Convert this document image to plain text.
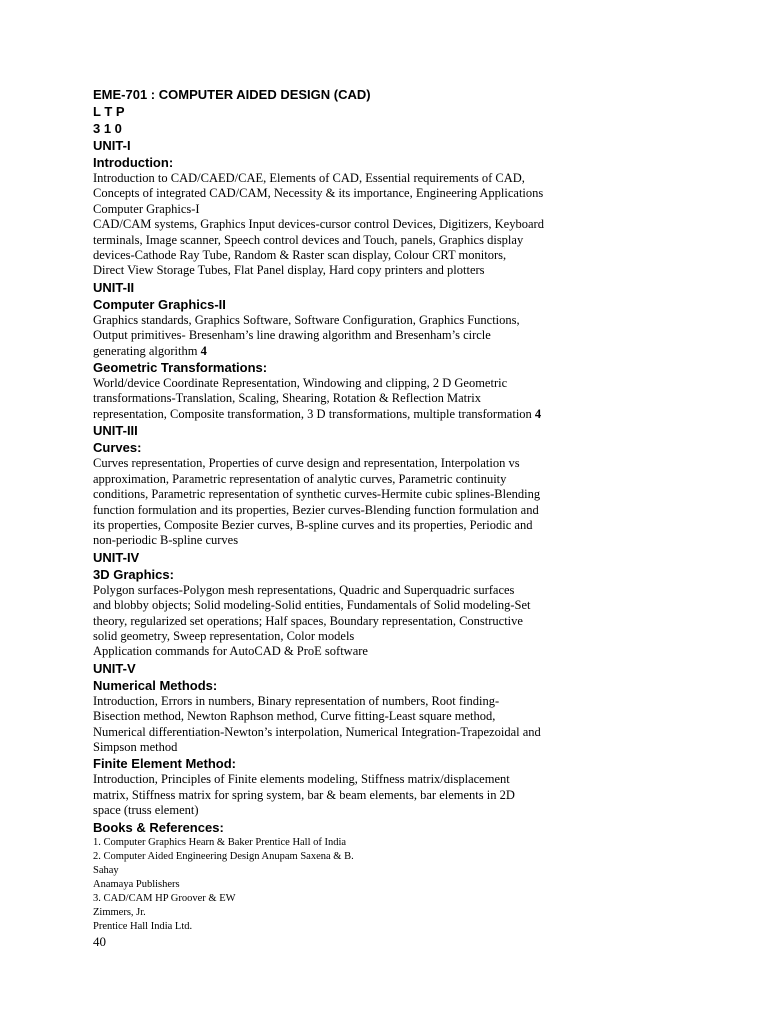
EME-701 : COMPUTER AIDED DESIGN (CAD)
L T P
3 1 0
UNIT-I
Introduction:
Introduction to CAD/CAED/CAE, Elements of CAD, Essential requirements of CAD,
Concepts of integrated CAD/CAM, Necessity & its importance, Engineering Applications
Computer Graphics-I
CAD/CAM systems, Graphics Input devices-cursor control Devices, Digitizers, Keyboard
terminals, Image scanner, Speech control devices and Touch, panels, Graphics display
devices-Cathode Ray Tube, Random & Raster scan display, Colour CRT monitors,
Direct View Storage Tubes, Flat Panel display, Hard copy printers and plotters
UNIT-II
Computer Graphics-II
Graphics standards, Graphics Software, Software Configuration, Graphics Functions,
Output primitives- Bresenham’s line drawing algorithm and Bresenham’s circle
generating algorithm 4
Geometric Transformations:
World/device Coordinate Representation, Windowing and clipping, 2 D Geometric
transformations-Translation, Scaling, Shearing, Rotation & Reflection Matrix
representation, Composite transformation, 3 D transformations, multiple transformation 4
UNIT-III
Curves:
Curves representation, Properties of curve design and representation, Interpolation vs
approximation, Parametric representation of analytic curves, Parametric continuity
conditions, Parametric representation of synthetic curves-Hermite cubic splines-Blending
function formulation and its properties, Bezier curves-Blending function formulation and
its properties, Composite Bezier curves, B-spline curves and its properties, Periodic and
non-periodic B-spline curves
UNIT-IV
3D Graphics:
Polygon surfaces-Polygon mesh representations, Quadric and Superquadric surfaces
and blobby objects; Solid modeling-Solid entities, Fundamentals of Solid modeling-Set
theory, regularized set operations; Half spaces, Boundary representation, Constructive
solid geometry, Sweep representation, Color models
Application commands for AutoCAD & ProE software
UNIT-V
Numerical Methods:
Introduction, Errors in numbers, Binary representation of numbers, Root finding-
Bisection method, Newton Raphson method, Curve fitting-Least square method,
Numerical differentiation-Newton’s interpolation, Numerical Integration-Trapezoidal and
Simpson method
Finite Element Method:
Introduction, Principles of Finite elements modeling, Stiffness matrix/displacement
matrix, Stiffness matrix for spring system, bar & beam elements, bar elements in 2D
space (truss element)
Books & References:
1. Computer Graphics Hearn & Baker Prentice Hall of India
2. Computer Aided Engineering Design Anupam Saxena & B.
Sahay
Anamaya Publishers
3. CAD/CAM HP Groover & EW
Zimmers, Jr.
Prentice Hall India Ltd.
40
